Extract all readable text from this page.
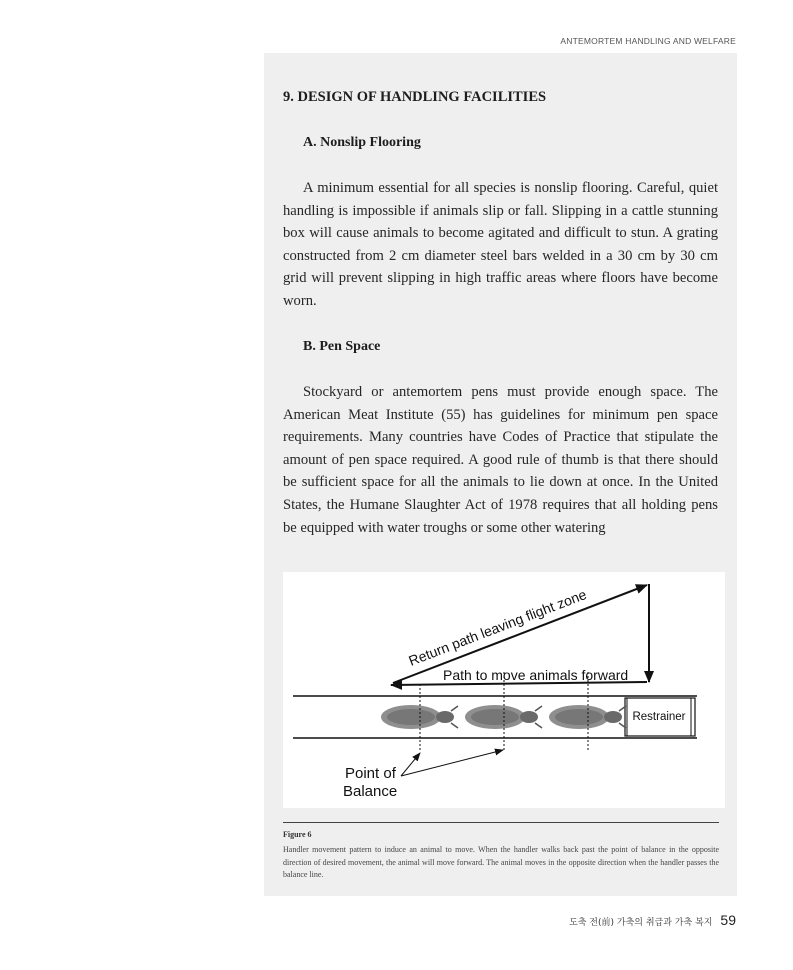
ANTEMORTEM HANDLING AND WELFARE
9. DESIGN OF HANDLING FACILITIES
A. Nonslip Flooring

A minimum essential for all species is nonslip flooring. Careful, quiet handling is impossible if animals slip or fall. Slipping in a cattle stunning box will cause animals to become agitated and difficult to stun. A grating constructed from 2 cm diameter steel bars welded in a 30 cm by 30 cm grid will prevent slipping in high traffic areas where floors have become worn.

B. Pen Space

Stockyard or antemortem pens must provide enough space. The American Meat Institute (55) has guidelines for minimum pen space requirements. Many countries have Codes of Practice that stipulate the amount of pen space required. A good rule of thumb is that there should be sufficient space for all the animals to lie down at once. In the United States, the Humane Slaughter Act of 1978 requires that all holding pens be equipped with water troughs or some other watering

Restrainer
Return path leaving flight zone
Path to move animals forward
Point of
Balance
Figure 6
Handler movement pattern to induce an animal to move. When the handler walks back past the point of balance in the opposite direction of desired movement, the animal will move forward. The animal moves in the opposite direction when the handler passes the balance line.
도축 전(前) 가축의 취급과 가축 복지 59
